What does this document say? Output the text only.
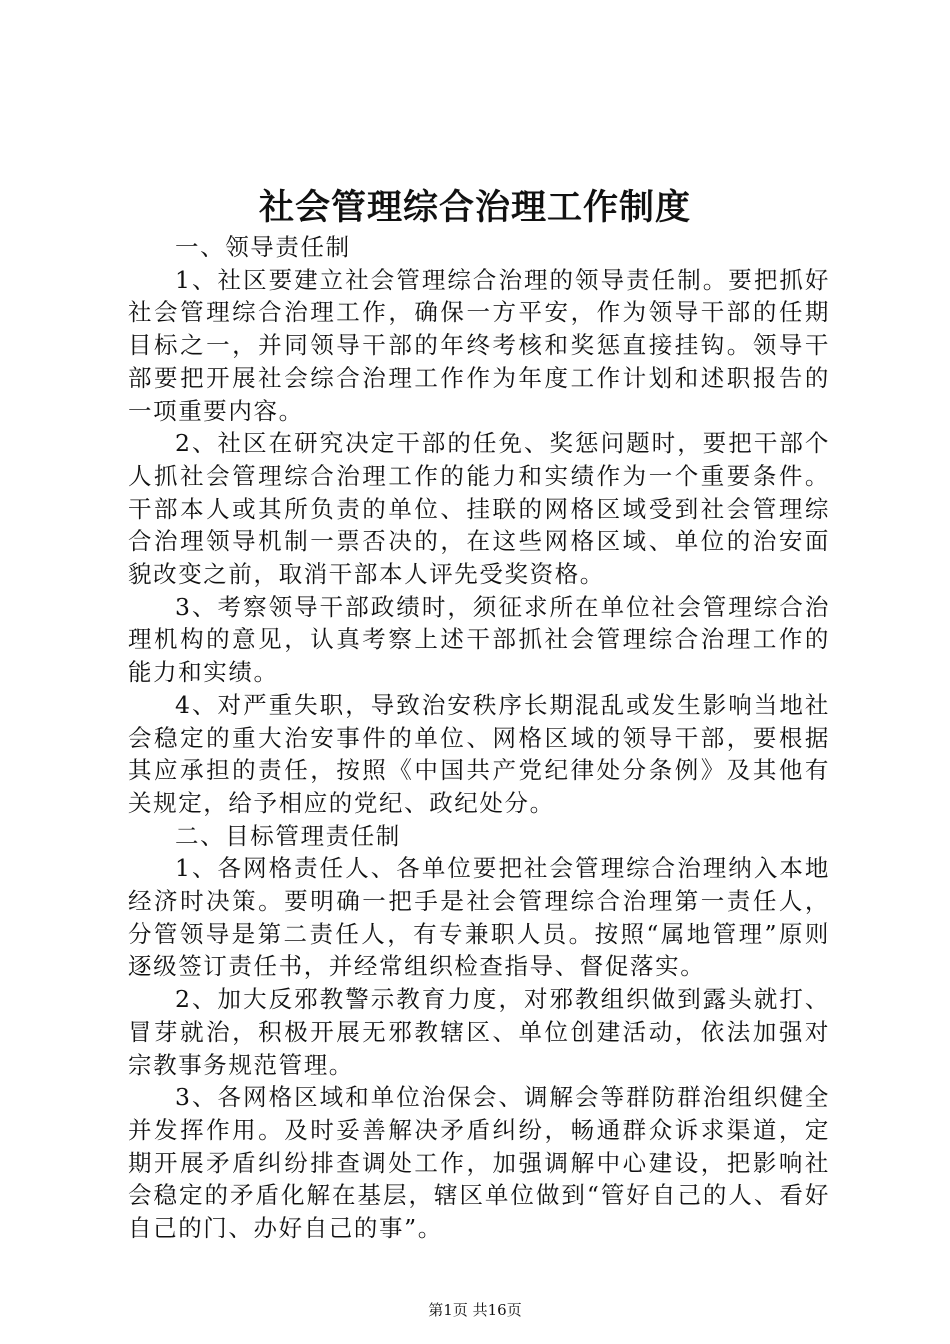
社会管理综合治理工作制度

一、领导责任制

1、社区要建立社会管理综合治理的领导责任制。要把抓好社会管理综合治理工作，确保一方平安，作为领导干部的任期目标之一，并同领导干部的年终考核和奖惩直接挂钩。领导干部要把开展社会综合治理工作作为年度工作计划和述职报告的一项重要内容。

2、社区在研究决定干部的任免、奖惩问题时，要把干部个人抓社会管理综合治理工作的能力和实绩作为一个重要条件。干部本人或其所负责的单位、挂联的网格区域受到社会管理综合治理领导机制一票否决的，在这些网格区域、单位的治安面貌改变之前，取消干部本人评先受奖资格。

3、考察领导干部政绩时，须征求所在单位社会管理综合治理机构的意见，认真考察上述干部抓社会管理综合治理工作的能力和实绩。

4、对严重失职，导致治安秩序长期混乱或发生影响当地社会稳定的重大治安事件的单位、网格区域的领导干部，要根据其应承担的责任，按照《中国共产党纪律处分条例》及其他有关规定，给予相应的党纪、政纪处分。

二、目标管理责任制

1、各网格责任人、各单位要把社会管理综合治理纳入本地经济时决策。要明确一把手是社会管理综合治理第一责任人，分管领导是第二责任人，有专兼职人员。按照“属地管理”原则逐级签订责任书，并经常组织检查指导、督促落实。

2、加大反邪教警示教育力度，对邪教组织做到露头就打、冒芽就治，积极开展无邪教辖区、单位创建活动，依法加强对宗教事务规范管理。

3、各网格区域和单位治保会、调解会等群防群治组织健全并发挥作用。及时妥善解决矛盾纠纷，畅通群众诉求渠道，定期开展矛盾纠纷排查调处工作，加强调解中心建设，把影响社会稳定的矛盾化解在基层，辖区单位做到“管好自己的人、看好自己的门、办好自己的事”。

第1页 共16页
